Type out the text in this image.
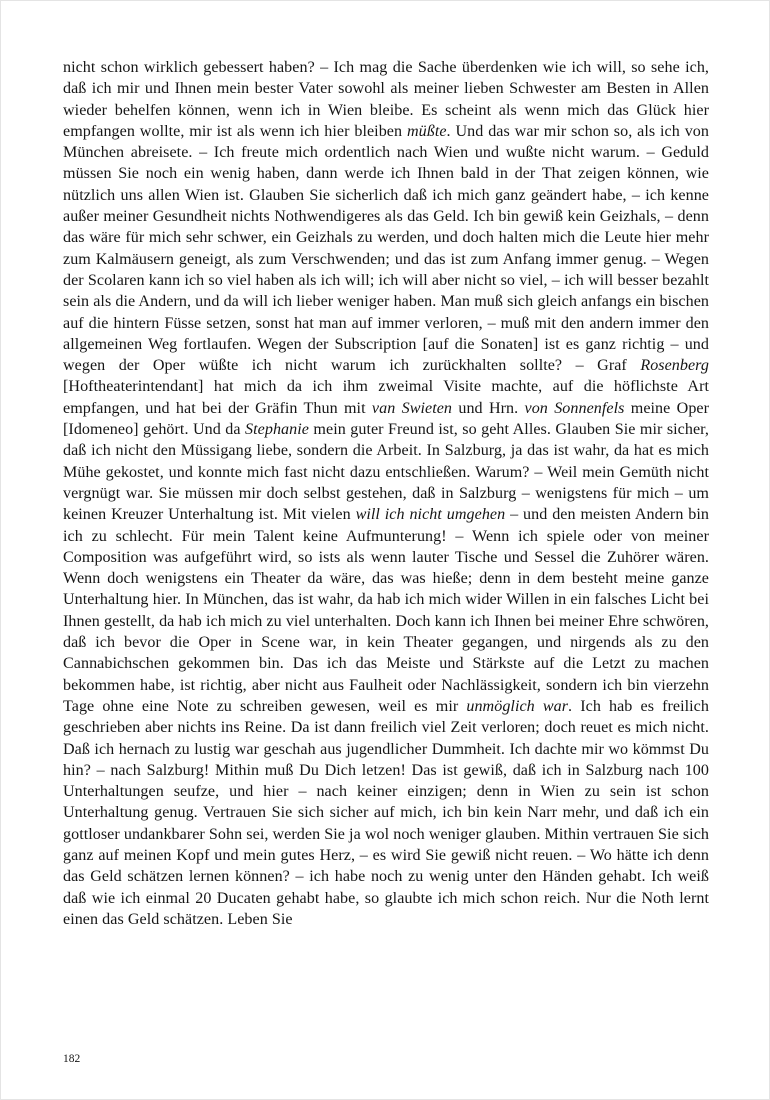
nicht schon wirklich gebessert haben? – Ich mag die Sache überdenken wie ich will, so sehe ich, daß ich mir und Ihnen mein bester Vater sowohl als meiner lieben Schwester am Besten in Allen wieder behelfen können, wenn ich in Wien bleibe. Es scheint als wenn mich das Glück hier empfangen wollte, mir ist als wenn ich hier bleiben müßte. Und das war mir schon so, als ich von München abreisete. – Ich freute mich ordentlich nach Wien und wußte nicht warum. – Geduld müssen Sie noch ein wenig haben, dann werde ich Ihnen bald in der That zeigen können, wie nützlich uns allen Wien ist. Glauben Sie sicherlich daß ich mich ganz geändert habe, – ich kenne außer meiner Gesundheit nichts Nothwendigeres als das Geld. Ich bin gewiß kein Geizhals, – denn das wäre für mich sehr schwer, ein Geizhals zu werden, und doch halten mich die Leute hier mehr zum Kalmäusern geneigt, als zum Verschwenden; und das ist zum Anfang immer genug. – Wegen der Scolaren kann ich so viel haben als ich will; ich will aber nicht so viel, – ich will besser bezahlt sein als die Andern, und da will ich lieber weniger haben. Man muß sich gleich anfangs ein bischen auf die hintern Füsse setzen, sonst hat man auf immer verloren, – muß mit den andern immer den allgemeinen Weg fortlaufen. Wegen der Subscription [auf die Sonaten] ist es ganz richtig – und wegen der Oper wüßte ich nicht warum ich zurückhalten sollte? – Graf Rosenberg [Hoftheaterintendant] hat mich da ich ihm zweimal Visite machte, auf die höflichste Art empfangen, und hat bei der Gräfin Thun mit van Swieten und Hrn. von Sonnenfels meine Oper [Idomeneo] gehört. Und da Stephanie mein guter Freund ist, so geht Alles. Glauben Sie mir sicher, daß ich nicht den Müssigang liebe, sondern die Arbeit. In Salzburg, ja das ist wahr, da hat es mich Mühe gekostet, und konnte mich fast nicht dazu entschließen. Warum? – Weil mein Gemüth nicht vergnügt war. Sie müssen mir doch selbst gestehen, daß in Salzburg – wenigstens für mich – um keinen Kreuzer Unterhaltung ist. Mit vielen will ich nicht umgehen – und den meisten Andern bin ich zu schlecht. Für mein Talent keine Aufmunterung! – Wenn ich spiele oder von meiner Composition was aufgeführt wird, so ists als wenn lauter Tische und Sessel die Zuhörer wären. Wenn doch wenigstens ein Theater da wäre, das was hieße; denn in dem besteht meine ganze Unterhaltung hier. In München, das ist wahr, da hab ich mich wider Willen in ein falsches Licht bei Ihnen gestellt, da hab ich mich zu viel unterhalten. Doch kann ich Ihnen bei meiner Ehre schwören, daß ich bevor die Oper in Scene war, in kein Theater gegangen, und nirgends als zu den Cannabichschen gekommen bin. Das ich das Meiste und Stärkste auf die Letzt zu machen bekommen habe, ist richtig, aber nicht aus Faulheit oder Nachlässigkeit, sondern ich bin vierzehn Tage ohne eine Note zu schreiben gewesen, weil es mir unmöglich war. Ich hab es freilich geschrieben aber nichts ins Reine. Da ist dann freilich viel Zeit verloren; doch reuet es mich nicht. Daß ich hernach zu lustig war geschah aus jugendlicher Dummheit. Ich dachte mir wo kömmst Du hin? – nach Salzburg! Mithin muß Du Dich letzen! Das ist gewiß, daß ich in Salzburg nach 100 Unterhaltungen seufze, und hier – nach keiner einzigen; denn in Wien zu sein ist schon Unterhaltung genug. Vertrauen Sie sich sicher auf mich, ich bin kein Narr mehr, und daß ich ein gottloser undankbarer Sohn sei, werden Sie ja wol noch weniger glauben. Mithin vertrauen Sie sich ganz auf meinen Kopf und mein gutes Herz, – es wird Sie gewiß nicht reuen. – Wo hätte ich denn das Geld schätzen lernen können? – ich habe noch zu wenig unter den Händen gehabt. Ich weiß daß wie ich einmal 20 Ducaten gehabt habe, so glaubte ich mich schon reich. Nur die Noth lernt einen das Geld schätzen. Leben Sie
182
